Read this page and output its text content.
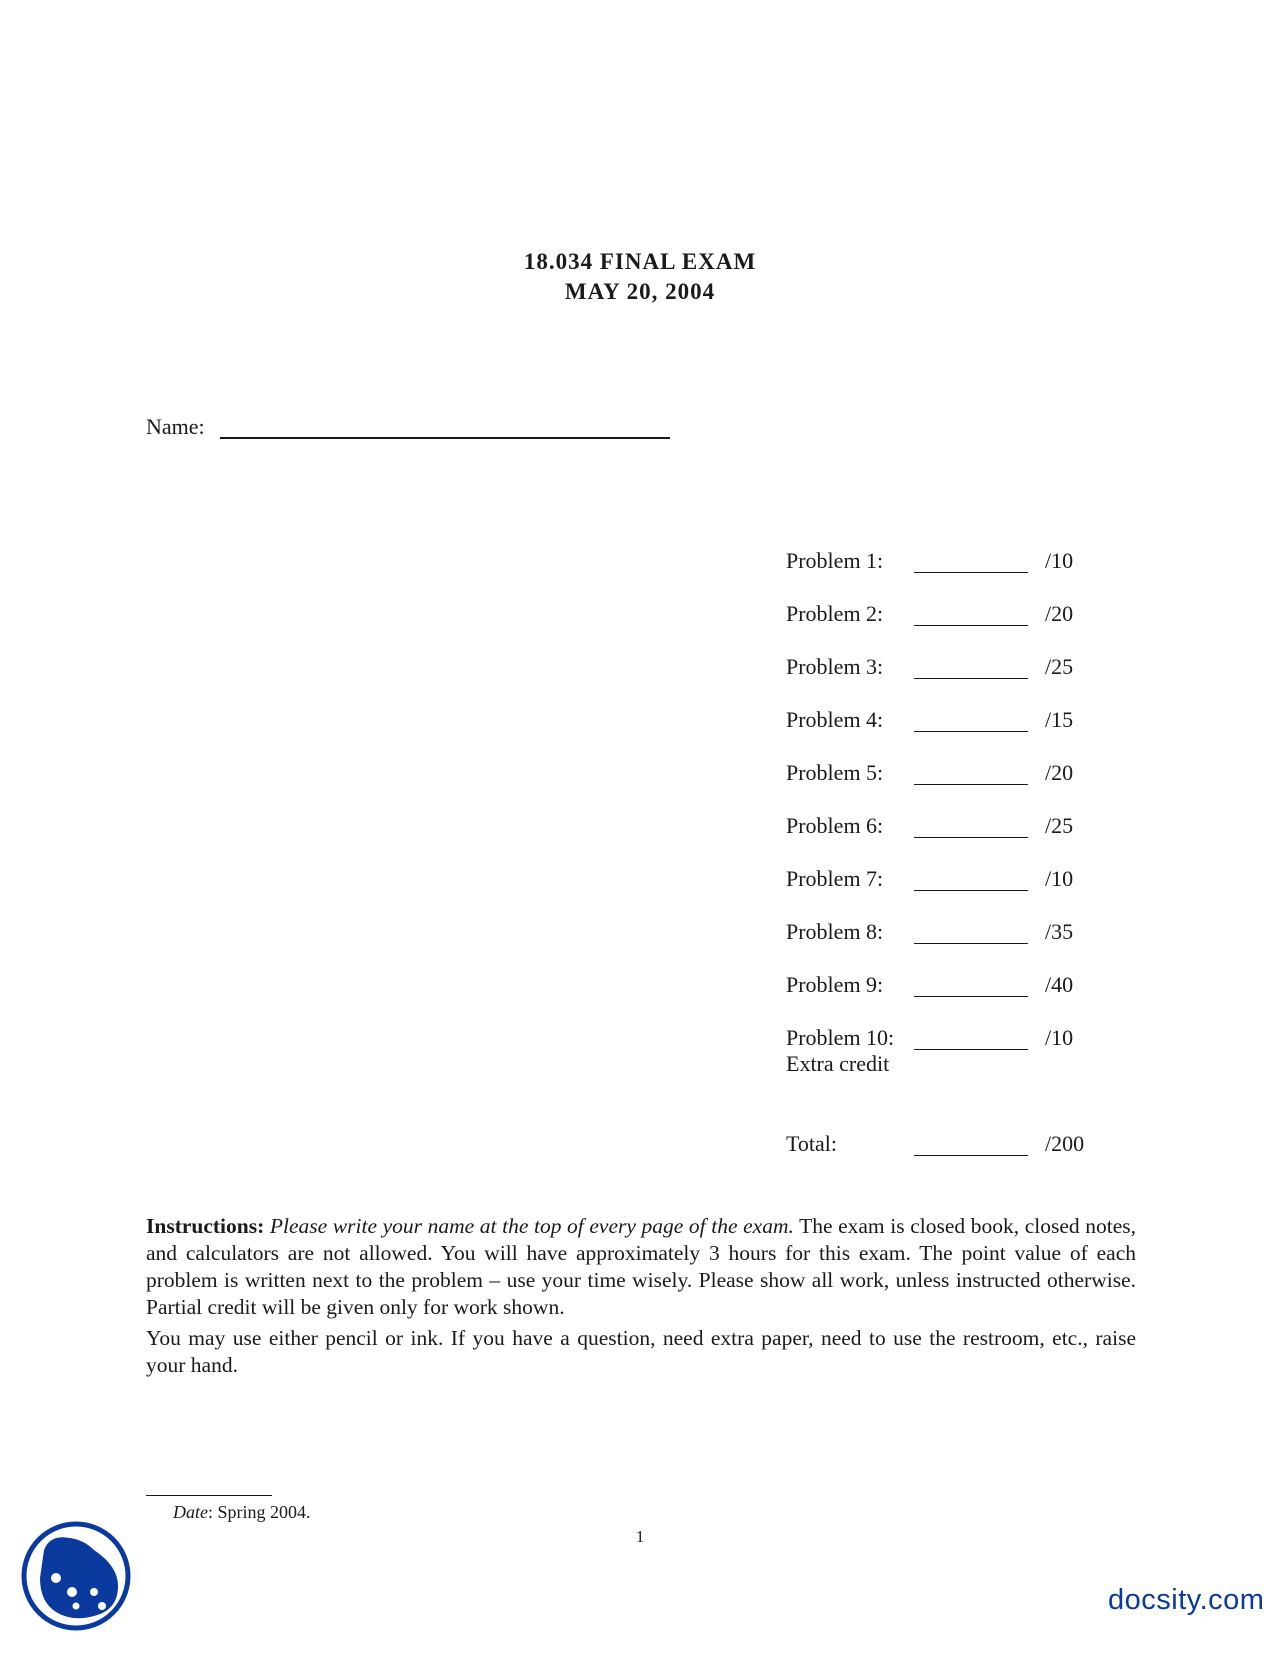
18.034 FINAL EXAM
MAY 20, 2004
Name:
Problem 1:	/10
Problem 2:	/20
Problem 3:	/25
Problem 4:	/15
Problem 5:	/20
Problem 6:	/25
Problem 7:	/10
Problem 8:	/35
Problem 9:	/40
Problem 10:	/10
Extra credit
Total:	/200

Instructions: Please write your name at the top of every page of the exam. The exam is closed book, closed notes, and calculators are not allowed. You will have approximately 3 hours for this exam. The point value of each problem is written next to the problem – use your time wisely. Please show all work, unless instructed otherwise. Partial credit will be given only for work shown.

You may use either pencil or ink. If you have a question, need extra paper, need to use the restroom, etc., raise your hand.

Date: Spring 2004.
1
docsity.com
